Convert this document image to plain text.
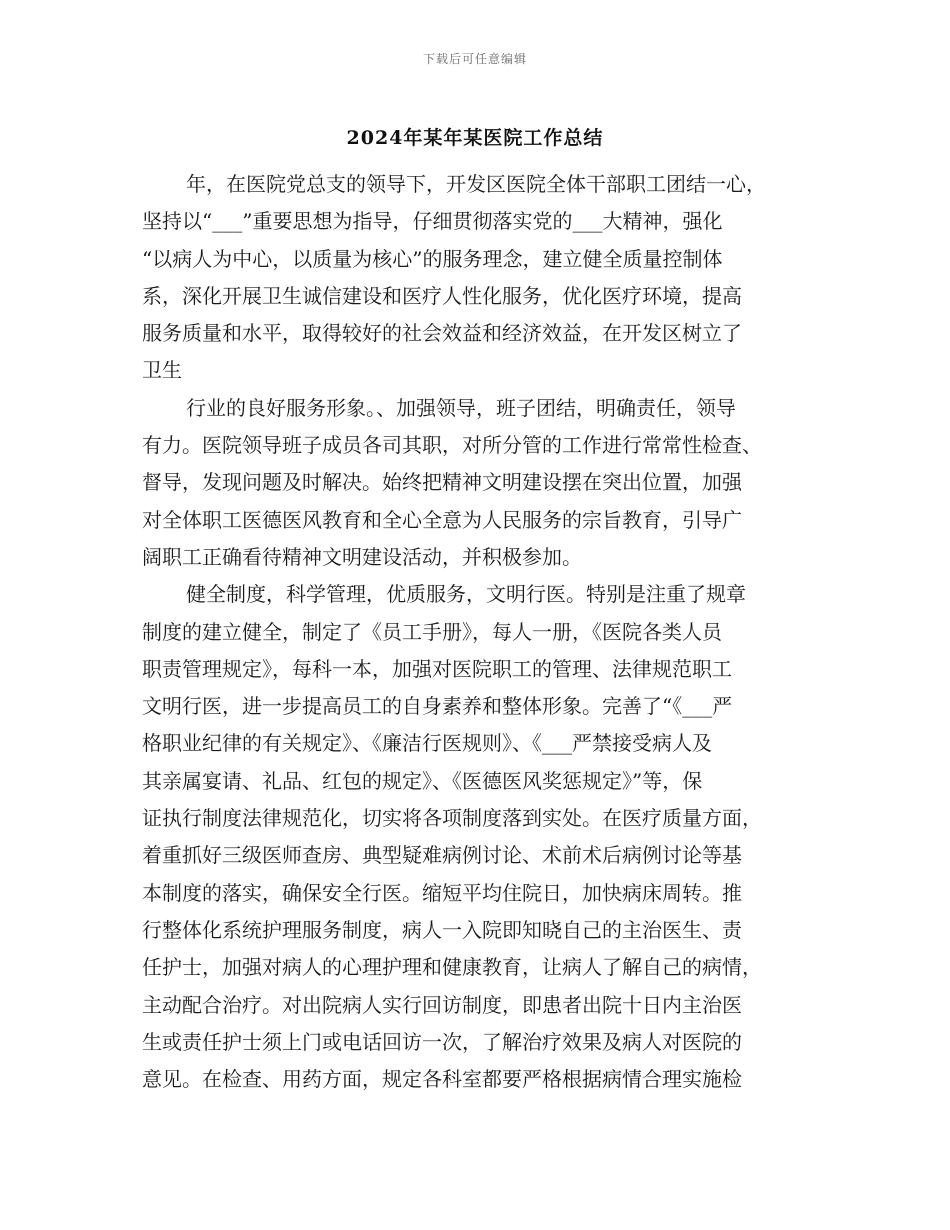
下载后可任意编辑
2024年某年某医院工作总结
年，在医院党总支的领导下，开发区医院全体干部职工团结一心，
坚持以“___”重要思想为指导，仔细贯彻落实党的___大精神，强化
“以病人为中心，以质量为核心”的服务理念，建立健全质量控制体
系，深化开展卫生诚信建设和医疗人性化服务，优化医疗环境，提高
服务质量和水平，取得较好的社会效益和经济效益，在开发区树立了
卫生
行业的良好服务形象。、加强领导，班子团结，明确责任，领导
有力。医院领导班子成员各司其职，对所分管的工作进行常常性检查、
督导，发现问题及时解决。始终把精神文明建设摆在突出位置，加强
对全体职工医德医风教育和全心全意为人民服务的宗旨教育，引导广
阔职工正确看待精神文明建设活动，并积极参加。
健全制度，科学管理，优质服务，文明行医。特别是注重了规章
制度的建立健全，制定了《员工手册》，每人一册，《医院各类人员
职责管理规定》，每科一本，加强对医院职工的管理、法律规范职工
文明行医，进一步提高员工的自身素养和整体形象。完善了“《___严
格职业纪律的有关规定》、《廉洁行医规则》、《___严禁接受病人及
其亲属宴请、礼品、红包的规定》、《医德医风奖惩规定》”等，保
证执行制度法律规范化，切实将各项制度落到实处。在医疗质量方面，
着重抓好三级医师查房、典型疑难病例讨论、术前术后病例讨论等基
本制度的落实，确保安全行医。缩短平均住院日，加快病床周转。推
行整体化系统护理服务制度，病人一入院即知晓自己的主治医生、责
任护士，加强对病人的心理护理和健康教育，让病人了解自己的病情，
主动配合治疗。对出院病人实行回访制度，即患者出院十日内主治医
生或责任护士须上门或电话回访一次，了解治疗效果及病人对医院的
意见。在检查、用药方面，规定各科室都要严格根据病情合理实施检
